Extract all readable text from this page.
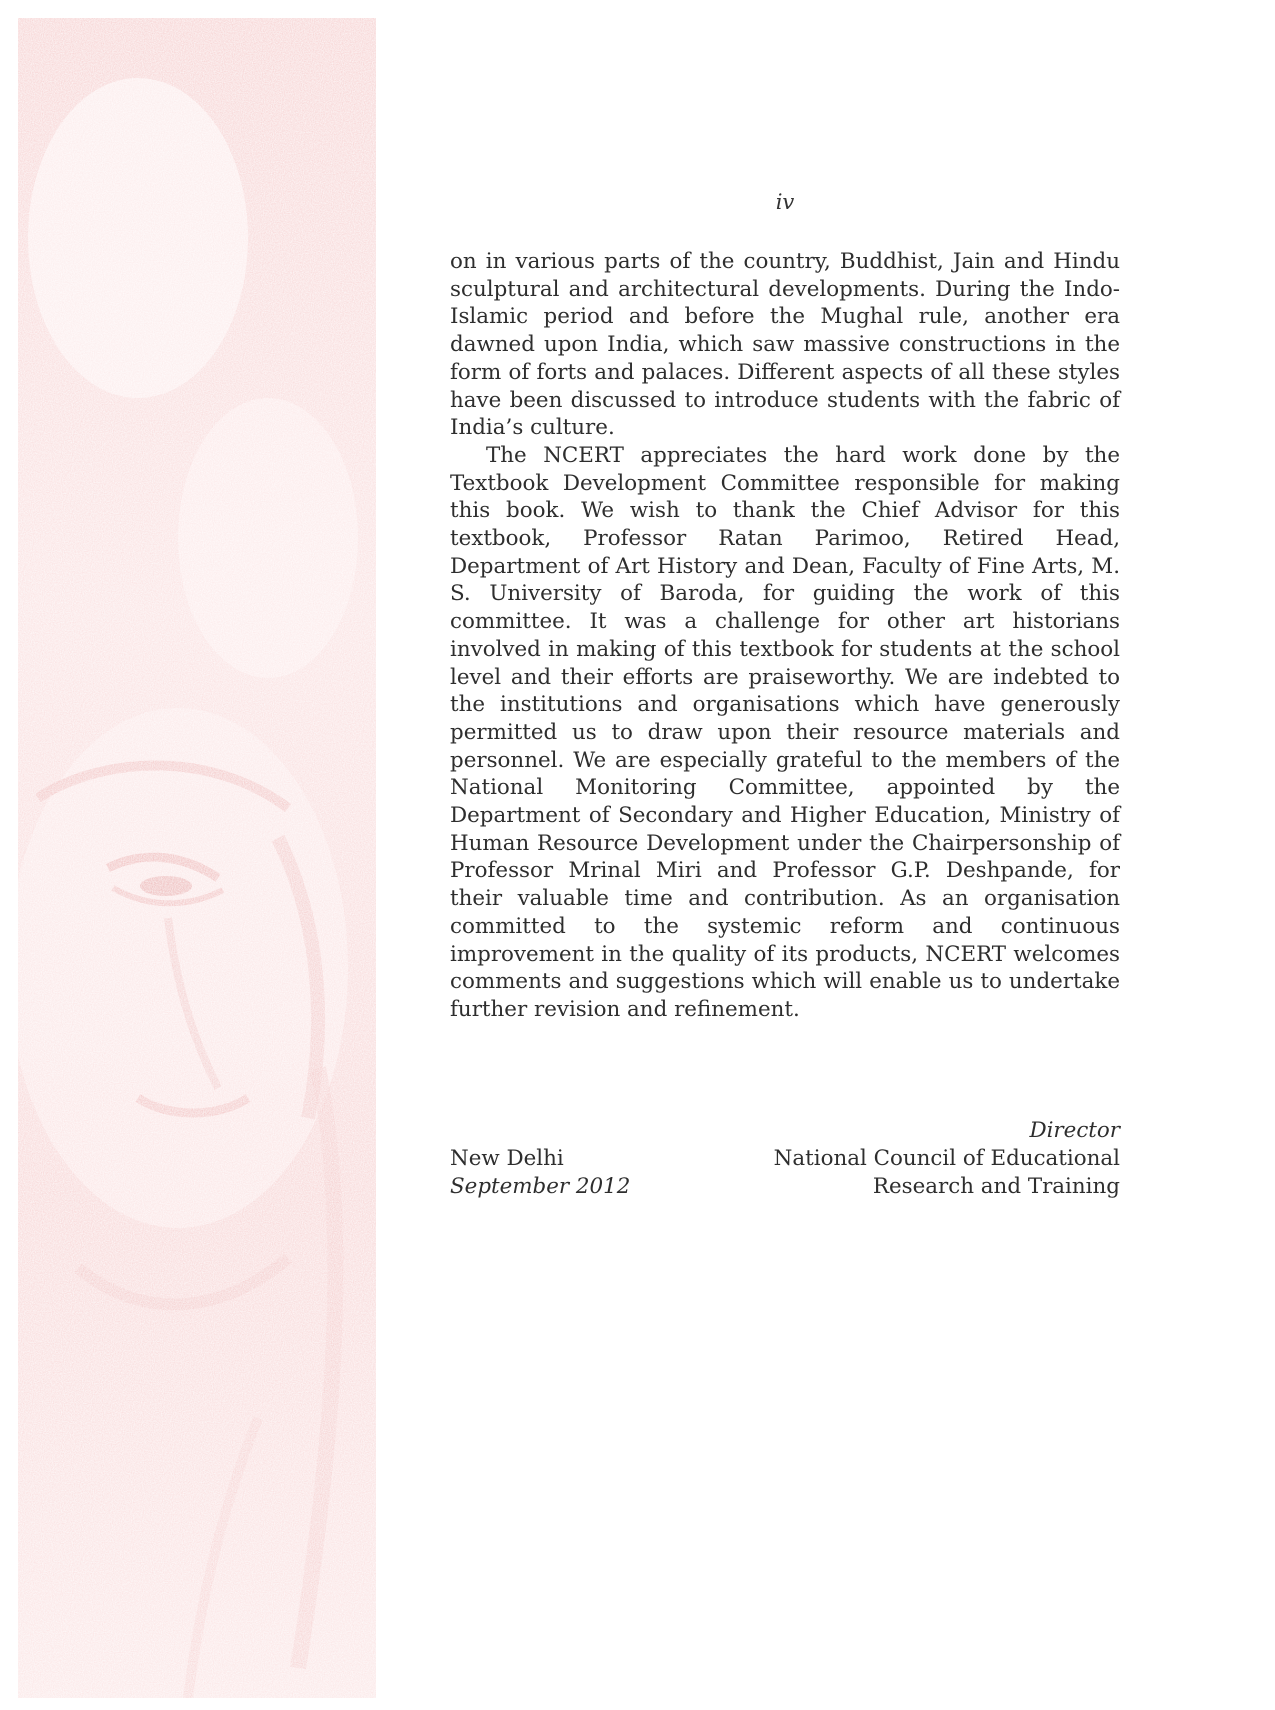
iv

on in various parts of the country, Buddhist, Jain and Hindu sculptural and architectural developments. During the Indo-Islamic period and before the Mughal rule, another era dawned upon India, which saw massive constructions in the form of forts and palaces. Different aspects of all these styles have been discussed to introduce students with the fabric of India’s culture.

The NCERT appreciates the hard work done by the Textbook Development Committee responsible for making this book. We wish to thank the Chief Advisor for this textbook, Professor Ratan Parimoo, Retired Head, Department of Art History and Dean, Faculty of Fine Arts, M. S. University of Baroda, for guiding the work of this committee. It was a challenge for other art historians involved in making of this textbook for students at the school level and their efforts are praiseworthy. We are indebted to the institutions and organisations which have generously permitted us to draw upon their resource materials and personnel. We are especially grateful to the members of the National Monitoring Committee, appointed by the Department of Secondary and Higher Education, Ministry of Human Resource Development under the Chairpersonship of Professor Mrinal Miri and Professor G.P. Deshpande, for their valuable time and contribution. As an organisation committed to the systemic reform and continuous improvement in the quality of its products, NCERT welcomes comments and suggestions which will enable us to undertake further revision and refinement.

Director
New Delhi	National Council of Educational
September 2012	Research and Training
